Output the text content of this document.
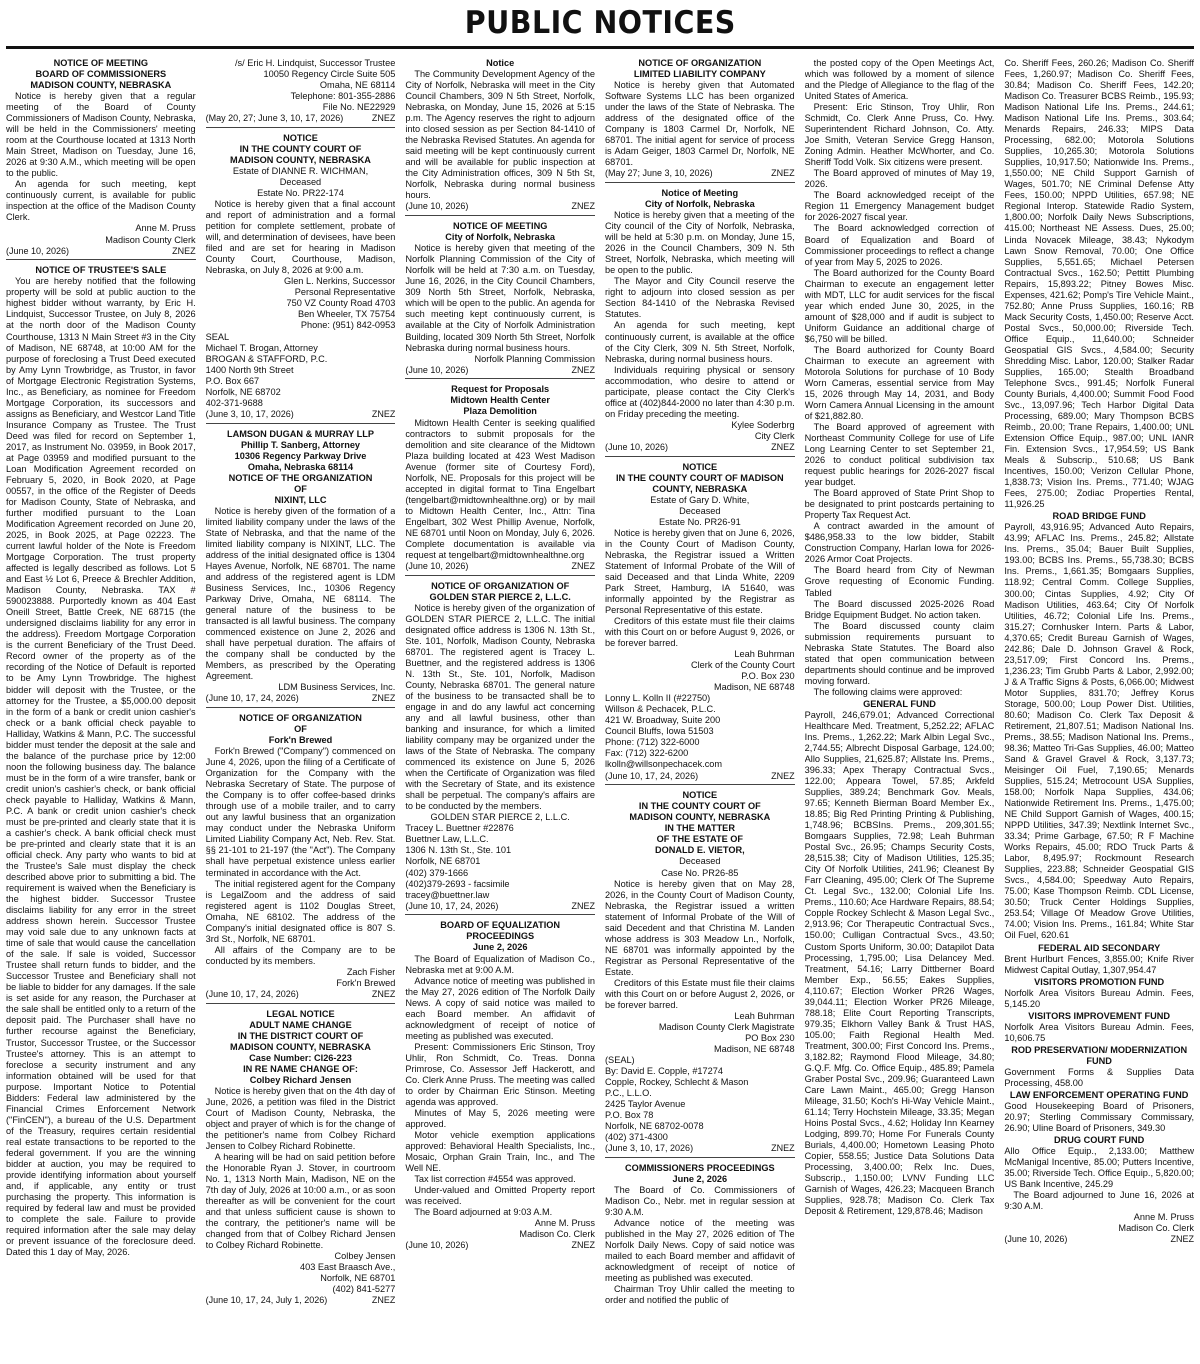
PUBLIC NOTICES
NOTICE OF MEETING
BOARD OF COMMISSIONERS
MADISON COUNTY, NEBRASKA

Notice is hereby given that a regular meeting of the Board of County Commissioners of Madison County, Nebraska, will be held in the Commissioners' meeting room at the Courthouse located at 1313 North Main Street, Madison on Tuesday, June 16, 2026 at 9:30 A.M., which meeting will be open to the public.

An agenda for such meeting, kept continuously current, is available for public inspection at the office of the Madison County Clerk.

Anne M. Pruss
Madison County Clerk
(June 10, 2026)	ZNEZ
NOTICE OF TRUSTEE'S SALE

You are hereby notified that the following property will be sold at public auction to the highest bidder without warranty, by Eric H. Lindquist, Successor Trustee, on July 8, 2026 at the north door of the Madison County Courthouse, 1313 N Main Street #3 in the City of Madison, NE 68748, at 10:00 AM for the purpose of foreclosing a Trust Deed executed by Amy Lynn Trowbridge, as Trustor, in favor of Mortgage Electronic Registration Systems, Inc., as Beneficiary, as nominee for Freedom Mortgage Corporation, its successors and assigns as Beneficiary, and Westcor Land Title Insurance Company as Trustee. The Trust Deed was filed for record on September 1, 2017, as Instrument No. 03959, in Book 2017, at Page 03959 and modified pursuant to the Loan Modification Agreement recorded on February 5, 2020, in Book 2020, at Page 00557, in the office of the Register of Deeds for Madison County, State of Nebraska, and further modified pursuant to the Loan Modification Agreement recorded on June 20, 2025, in Book 2025, at Page 02223. The current lawful holder of the Note is Freedom Mortgage Corporation. The trust property affected is legally described as follows. Lot 5 and East ½ Lot 6, Preece & Brechler Addition, Madison County, Nebraska. TAX # 590023888. Purportedly known as 404 East Oneill Street, Battle Creek, NE 68715 (the undersigned disclaims liability for any error in the address). Freedom Mortgage Corporation is the current Beneficiary of the Trust Deed. Record owner of the property as of the recording of the Notice of Default is reported to be Amy Lynn Trowbridge. The highest bidder will deposit with the Trustee, or the attorney for the Trustee, a $5,000.00 deposit in the form of a bank or credit union cashier's check or a bank official check payable to Halliday, Watkins & Mann, P.C. The successful bidder must tender the deposit at the sale and the balance of the purchase price by 12:00 noon the following business day. The balance must be in the form of a wire transfer, bank or credit union's cashier's check, or bank official check payable to Halliday, Watkins & Mann, P.C. A bank or credit union cashier's check must be pre-printed and clearly state that it is a cashier's check. A bank official check must be pre-printed and clearly state that it is an official check. Any party who wants to bid at the Trustee's Sale must display the check described above prior to submitting a bid. The requirement is waived when the Beneficiary is the highest bidder. Successor Trustee disclaims liability for any error in the street address shown herein. Successor Trustee may void sale due to any unknown facts at time of sale that would cause the cancellation of the sale. If sale is voided, Successor Trustee shall return funds to bidder, and the Successor Trustee and Beneficiary shall not be liable to bidder for any damages. If the sale is set aside for any reason, the Purchaser at the sale shall be entitled only to a return of the deposit paid. The Purchaser shall have no further recourse against the Beneficiary, Trustor, Successor Trustee, or the Successor Trustee's attorney. This is an attempt to foreclose a security instrument and any information obtained will be used for that purpose. Important Notice to Potential Bidders: Federal law administered by the Financial Crimes Enforcement Network ("FinCEN"), a bureau of the U.S. Department of the Treasury, requires certain residential real estate transactions to be reported to the federal government. If you are the winning bidder at auction, you may be required to provide identifying information about yourself and, if applicable, any entity or trust purchasing the property. This information is required by federal law and must be provided to complete the sale. Failure to provide required information after the sale may delay or prevent issuance of the foreclosure deed. Dated this 1 day of May, 2026.

/s/ Eric H. Lindquist, Successor Trustee
10050 Regency Circle Suite 505
Omaha, NE 68114
Telephone: 801-355-2886
File No. NE22929
(May 20, 27; June 3, 10, 17, 2026)	ZNEZ
NOTICE
IN THE COUNTY COURT OF
MADISON COUNTY, NEBRASKA
Estate of DIANNE R. WICHMAN,
Deceased
Estate No. PR22-174

Notice is hereby given that a final account and report of administration and a formal petition for complete settlement, probate of will, and determination of devisees, have been filed and are set for hearing in Madison County Court, Courthouse, Madison, Nebraska, on July 8, 2026 at 9:00 a.m.

Glen L. Nerkins, Successor
Personal Representative
750 VZ County Road 4703
Ben Wheeler, TX 75754
Phone: (951) 842-0953
SEAL
Michael T. Brogan, Attorney
BROGAN & STAFFORD, P.C.
1400 North 9th Street
P.O. Box 667
Norfolk, NE 68702
402-371-9688
(June 3, 10, 17, 2026)	ZNEZ
LAMSON DUGAN & MURRAY LLP
Phillip T. Sanberg, Attorney
10306 Regency Parkway Drive
Omaha, Nebraska 68114
NOTICE OF THE ORGANIZATION
OF
NIXINT, LLC

Notice is hereby given of the formation of a limited liability company under the laws of the State of Nebraska, and that the name of the limited liability company is NIXINT, LLC. The address of the initial designated office is 1304 Hayes Avenue, Norfolk, NE 68701. The name and address of the registered agent is LDM Business Services, Inc., 10306 Regency Parkway Drive, Omaha, NE 68114. The general nature of the business to be transacted is all lawful business. The company commenced existence on June 2, 2026 and shall have perpetual duration. The affairs of the company shall be conducted by the Members, as prescribed by the Operating Agreement.

LDM Business Services, Inc.
(June 10, 17, 24, 2026)	ZNEZ
NOTICE OF ORGANIZATION
OF
Fork'n Brewed

Fork'n Brewed ("Company") commenced on June 4, 2026, upon the filing of a Certificate of Organization for the Company with the Nebraska Secretary of State. The purpose of the Company is to offer coffee-based drinks through use of a mobile trailer, and to carry out any lawful business that an organization may conduct under the Nebraska Uniform Limited Liability Company Act, Neb. Rev. Stat. §§ 21-101 to 21-197 (the "Act"). The Company shall have perpetual existence unless earlier terminated in accordance with the Act.

The initial registered agent for the Company is LegalZoom and the address of said registered agent is 1102 Douglas Street, Omaha, NE 68102. The address of the Company's initial designated office is 807 S. 3rd St., Norfolk, NE 68701.

All affairs of the Company are to be conducted by its members.

Zach Fisher
Fork'n Brewed
(June 10, 17, 24, 2026)	ZNEZ
LEGAL NOTICE
ADULT NAME CHANGE
IN THE DISTRICT COURT OF
MADISON COUNTY, NEBRASKA
Case Number: CI26-223
IN RE NAME CHANGE OF:
Colbey Richard Jensen

Notice is hereby given that on the 4th day of June, 2026, a petition was filed in the District Court of Madison County, Nebraska, the object and prayer of which is for the change of the petitioner's name from Colbey Richard Jensen to Colbey Richard Robinette.

A hearing will be had on said petition before the Honorable Ryan J. Stover, in courtroom No. 1, 1313 North Main, Madison, NE on the 7th day of July, 2026 at 10:00 a.m., or as soon thereafter as will be convenient for the court and that unless sufficient cause is shown to the contrary, the petitioner's name will be changed from that of Colbey Richard Jensen to Colbey Richard Robinette.

Colbey Jensen
403 East Braasch Ave.,
Norfolk, NE 68701
(402) 841-5277
(June 10, 17, 24, July 1, 2026)	ZNEZ
Notice

The Community Development Agency of the City of Norfolk, Nebraska will meet in the City Council Chambers, 309 N 5th Street, Norfolk, Nebraska, on Monday, June 15, 2026 at 5:15 p.m. The Agency reserves the right to adjourn into closed session as per Section 84-1410 of the Nebraska Revised Statutes. An agenda for said meeting will be kept continuously current and will be available for public inspection at the City Administration offices, 309 N 5th St, Norfolk, Nebraska during normal business hours.

(June 10, 2026)	ZNEZ
NOTICE OF MEETING
City of Norfolk, Nebraska

Notice is hereby given that meeting of the Norfolk Planning Commission of the City of Norfolk will be held at 7:30 a.m. on Tuesday, June 16, 2026, in the City Council Chambers, 309 North 5th Street, Norfolk, Nebraska, which will be open to the public. An agenda for such meeting kept continuously current, is available at the City of Norfolk Administration Building, located 309 North 5th Street, Norfolk Nebraska during normal business hours.

Norfolk Planning Commission
(June 10, 2026)	ZNEZ
Request for Proposals
Midtown Health Center
Plaza Demolition

Midtown Health Center is seeking qualified contractors to submit proposals for the demolition and site clearance of the Midtown Plaza building located at 423 West Madison Avenue (former site of Courtesy Ford), Norfolk, NE. Proposals for this project will be accepted in digital format to Tina Engelbart (tengelbart@midtownhealthne.org) or by mail to Midtown Health Center, Inc., Attn: Tina Engelbart, 302 West Phillip Avenue, Norfolk, NE 68701 until Noon on Monday, July 6, 2026. Complete documentation is available via request at tengelbart@midtownhealthne.org

(June 10, 2026)	ZNEZ
NOTICE OF ORGANIZATION OF
GOLDEN STAR PIERCE 2, L.L.C.

Notice is hereby given of the organization of GOLDEN STAR PIERCE 2, L.L.C. The initial designated office address is 1306 N. 13th St., Ste. 101, Norfolk, Madison County, Nebraska 68701. The registered agent is Tracey L. Buettner, and the registered address is 1306 N. 13th St., Ste. 101, Norfolk, Madison County, Nebraska 68701. The general nature of the business to be transacted shall be to engage in and do any lawful act concerning any and all lawful business, other than banking and insurance, for which a limited liability company may be organized under the laws of the State of Nebraska. The company commenced its existence on June 5, 2026 when the Certificate of Organization was filed with the Secretary of State, and its existence shall be perpetual. The company's affairs are to be conducted by the members.

GOLDEN STAR PIERCE 2, L.L.C.
Tracey L. Buettner #22876
Buettner Law, L.L.C.
1306 N. 13th St., Ste. 101
Norfolk, NE 68701
(402) 379-1666
(402)379-2693 - facsimile
tracey@buettner.law
(June 10, 17, 24, 2026)	ZNEZ
BOARD OF EQUALIZATION
PROCEEDINGS
June 2, 2026

The Board of Equalization of Madison Co., Nebraska met at 9:00 A.M.

Advance notice of meeting was published in the May 27, 2026 edition of The Norfolk Daily News. A copy of said notice was mailed to each Board member. An affidavit of acknowledgment of receipt of notice of meeting as published was executed.

Present: Commissioners Eric Stinson, Troy Uhlir, Ron Schmidt, Co. Treas. Donna Primrose, Co. Assessor Jeff Hackerott, and Co. Clerk Anne Pruss. The meeting was called to order by Chairman Eric Stinson. Meeting agenda was approved.

Minutes of May 5, 2026 meeting were approved.

Motor vehicle exemption applications approved: Behavioral Health Specialists, Inc., Mosaic, Orphan Grain Train, Inc., and The Well NE.

Tax list correction #4554 was approved.

Under-valued and Omitted Property report was received.

The Board adjourned at 9:03 A.M.

Anne M. Pruss
Madison Co. Clerk
(June 10, 2026)	ZNEZ
NOTICE OF ORGANIZATION
LIMITED LIABILITY COMPANY

Notice is hereby given that Automated Software Systems LLC has been organized under the laws of the State of Nebraska. The address of the designated office of the Company is 1803 Carmel Dr, Norfolk, NE 68701. The initial agent for service of process is Adam Geiger, 1803 Carmel Dr, Norfolk, NE 68701.

(May 27; June 3, 10, 2026)	ZNEZ
Notice of Meeting
City of Norfolk, Nebraska

Notice is hereby given that a meeting of the City council of the City of Norfolk, Nebraska, will be held at 5:30 p.m. on Monday, June 15, 2026 in the Council Chambers, 309 N. 5th Street, Norfolk, Nebraska, which meeting will be open to the public.

The Mayor and City Council reserve the right to adjourn into closed session as per Section 84-1410 of the Nebraska Revised Statutes.

An agenda for such meeting, kept continuously current, is available at the office of the City Clerk, 309 N. 5th Street, Norfolk, Nebraska, during normal business hours.

Individuals requiring physical or sensory accommodation, who desire to attend or participate, please contact the City Clerk's office at (402)844-2000 no later than 4:30 p.m. on Friday preceding the meeting.

Kylee Soderbrg
City Clerk
(June 10, 2026)	ZNEZ
NOTICE
IN THE COUNTY COURT OF MADISON
COUNTY, NEBRASKA
Estate of Gary D. White,
Deceased
Estate No. PR26-91

Notice is hereby given that on June 6, 2026, in the County Court of Madison County, Nebraska, the Registrar issued a Written Statement of Informal Probate of the Will of said Deceased and that Linda White, 2209 Park Street, Hamburg, IA 51640, was informally appointed by the Registrar as Personal Representative of this estate.

Creditors of this estate must file their claims with this Court on or before August 9, 2026, or be forever barred.

Leah Buhrman
Clerk of the County Court
P.O. Box 230
Madison, NE 68748
Lonny L. Kolln II (#22750)
Willson & Pechacek, P.L.C.
421 W. Broadway, Suite 200
Council Bluffs, Iowa 51503
Phone: (712) 322-6000
Fax: (712) 322-6200
lkolln@willsonpechacek.com
(June 10, 17, 24, 2026)	ZNEZ
NOTICE
IN THE COUNTY COURT OF
MADISON COUNTY, NEBRASKA
IN THE MATTER
OF THE ESTATE OF
DONALD E. VIETOR,
Deceased
Case No. PR26-85

Notice is hereby given that on May 28, 2026, in the County Court of Madison County, Nebraska, the Registrar issued a written statement of Informal Probate of the Will of said Decedent and that Christina M. Landen whose address is 303 Meadow Ln., Norfolk, NE 68701 was informally appointed by the Registrar as Personal Representative of the Estate.

Creditors of this Estate must file their claims with this Court on or before August 2, 2026, or be forever barred.

Leah Buhrman
Madison County Clerk Magistrate
PO Box 230
Madison, NE 68748
(SEAL)
By: David E. Copple, #17274
Copple, Rockey, Schlecht & Mason
P.C., L.L.O.
2425 Taylor Avenue
P.O. Box 78
Norfolk, NE 68702-0078
(402) 371-4300
(June 3, 10, 17, 2026)	ZNEZ
COMMISSIONERS PROCEEDINGS
June 2, 2026

The Board of Co. Commissioners of Madison Co., Nebr. met in regular session at 9:30 A.M.

Advance notice of the meeting was published in the May 27, 2026 edition of The Norfolk Daily News. Copy of said notice was mailed to each Board member and affidavit of acknowledgment of receipt of notice of meeting as published was executed.

Chairman Troy Uhlir called the meeting to order and notified the public of

the posted copy of the Open Meetings Act, which was followed by a moment of silence and the Pledge of Allegiance to the flag of the United States of America.

Present: Eric Stinson, Troy Uhlir, Ron Schmidt, Co. Clerk Anne Pruss, Co. Hwy. Superintendent Richard Johnson, Co. Atty. Joe Smith, Veteran Service Gregg Hanson, Zoning Admin. Heather McWhorter, and Co. Sheriff Todd Volk. Six citizens were present.

The Board approved of minutes of May 19, 2026.

The Board acknowledged receipt of the Region 11 Emergency Management budget for 2026-2027 fiscal year.

The Board acknowledged correction of Board of Equalization and Board of Commissioner proceedings to reflect a change of year from May 5, 2025 to 2026.

The Board authorized for the County Board Chairman to execute an engagement letter with MDT, LLC for audit services for the fiscal year which ended June 30, 2025, in the amount of $28,000 and if audit is subject to Uniform Guidance an additional charge of $6,750 will be billed.

The Board authorized for County Board Chairman to execute an agreement with Motorola Solutions for purchase of 10 Body Worn Cameras, essential service from May 15, 2026 through May 14, 2031, and Body Worn Camera Annual Licensing in the amount of $21,882.80.

The Board approved of agreement with Northeast Community College for use of Life Long Learning Center to set September 21, 2026 to conduct political subdivision tax request public hearings for 2026-2027 fiscal year budget.

The Board approved of State Print Shop to be designated to print postcards pertaining to Property Tax Request Act.

A contract awarded in the amount of $486,958.33 to the low bidder, Stabilt Construction Company, Harlan Iowa for 2026-2026 Armor Coat Projects.

The Board heard from City of Newman Grove requesting of Economic Funding. Tabled

The Board discussed 2025-2026 Road Bridge Equipment Budget. No action taken.

The Board discussed county claim submission requirements pursuant to Nebraska State Statutes. The Board also stated that open communication between departments should continue and be improved moving forward.

The following claims were approved:

GENERAL FUND

Payroll, 246,679.01; Advanced Correctional Healthcare Med. Treatment, 5,252.22; AFLAC Ins. Prems., 1,262.22; Mark Albin Legal Svc., 2,744.55; Albrecht Disposal Garbage, 124.00; Allo Supplies, 21,625.87; Allstate Ins. Prems., 396.33; Apex Therapy Contractual Svcs., 122.00; Appeara Towel, 57.85; Arkfeld Supplies, 389.24; Benchmark Gov. Meals, 97.65; Kenneth Bierman Board Member Ex., 18.85; Big Red Printing Printing & Publishing, 1,748.96; BCBSIns. Prems., 209,301.55; Bomgaars Supplies, 72.98; Leah Buhrman Postal Svc., 26.95; Champs Security Costs, 28,515.38; City of Madison Utilities, 125.35; City Of Norfolk Utilities, 241.96; Cleanest By Farr Cleaning, 495.00; Clerk Of The Supreme Ct. Legal Svc., 132.00; Colonial Life Ins. Prems., 110.60; Ace Hardware Repairs, 88.54; Copple Rockey Schlecht & Mason Legal Svc., 2,913.96; Cor Therapeutic Contractual Svcs., 150.00; Culligan Contractual Svcs., 43.50; Custom Sports Uniform, 30.00; Datapilot Data Processing, 1,795.00; Lisa Delancey Med. Treatment, 54.16; Larry Dittberner Board Member Exp., 56.55; Eakes Supplies, 4,110.67; Election Worker PR26 Wages, 39,044.11; Election Worker PR26 Mileage, 788.18; Elite Court Reporting Transcripts, 979.35; Elkhorn Valley Bank & Trust HAS, 105.00; Faith Regional Health Med. Treatment, 300.00; First Concord Ins. Prems., 3,182.82; Raymond Flood Mileage, 34.80; G.Q.F. Mfg. Co. Office Equip., 485.89; Pamela Graber Postal Svc., 209.96; Guaranteed Lawn Care Lawn Maint., 465.00; Gregg Hanson Mileage, 31.50; Koch's Hi-Way Vehicle Maint., 61.14; Terry Hochstein Mileage, 33.35; Megan Hoins Postal Svcs., 4.62; Holiday Inn Kearney Lodging, 899.70; Home For Funerals County Burials, 4,400.00; Hometown Leasing Photo Copier, 558.55; Justice Data Solutions Data Processing, 3,400.00; Relx Inc. Dues, Subscrip., 1,150.00; LVNV Funding LLC Garnish of Wages, 426.23; Macqueen Branch Supplies, 928.78; Madison Co. Clerk Tax Deposit & Retirement, 129,878.46; Madison

Co. Sheriff Fees, 260.26; Madison Co. Sheriff Fees, 1,260.97; Madison Co. Sheriff Fees, 30.84; Madison Co. Sheriff Fees, 142.20; Madison Co. Treasurer BCBS Reimb., 195.93; Madison National Life Ins. Prems., 244.61; Madison National Life Ins. Prems., 303.64; Menards Repairs, 246.33; MIPS Data Processing, 682.00; Motorola Solutions Supplies, 10,265.30; Motorola Solutions Supplies, 10,917.50; Nationwide Ins. Prems., 1,550.00; NE Child Support Garnish of Wages, 501.70; NE Criminal Defense Atty Fees, 150.00; NPPD Utilities, 657.98; NE Regional Interop. Statewide Radio System, 1,800.00; Norfolk Daily News Subscriptions, 415.00; Northeast NE Assess. Dues, 25.00; Linda Novacek Mileage, 38.43; Nykodym Lawn Snow Removal, 70.00; One Office Supplies, 5,551.65; Michael Petersen Contractual Svcs., 162.50; Pettitt Plumbing Repairs, 15,893.22; Pitney Bowes Misc. Expenses, 421.62; Pomp's Tire Vehicle Maint., 752.80; Anne Pruss Supplies, 160.16; RB Mack Security Costs, 1,450.00; Reserve Acct. Postal Svcs., 50,000.00; Riverside Tech. Office Equip., 11,640.00; Schneider Geospatial GIS Svcs., 4,584.00; Security Shredding Misc. Labor, 120.00; Stalker Radar Supplies, 165.00; Stealth Broadband Telephone Svcs., 991.45; Norfolk Funeral County Burials, 4,400.00; Summit Food Food Svc., 13,097.96; Tech Harbor Digital Data Processing, 689.00; Mary Thompson BCBS Reimb., 20.00; Trane Repairs, 1,400.00; UNL Extension Office Equip., 987.00; UNL IANR Fin. Extension Svcs., 17,954.59; US Bank Meals & Subscrip., 510.68; US Bank Incentives, 150.00; Verizon Cellular Phone, 1,838.73; Vision Ins. Prems., 771.40; WJAG Fees, 275.00; Zodiac Properties Rental, 11,926.25

ROAD BRIDGE FUND

Payroll, 43,916.95; Advanced Auto Repairs, 43.99; AFLAC Ins. Prems., 245.82; Allstate Ins. Prems., 35.04; Bauer Built Supplies, 193.00; BCBS Ins. Prems., 55,738.30; BCBS Ins. Prems., 1,661.35; Bomgaars Supplies, 118.92; Central Comm. College Supplies, 300.00; Cintas Supplies, 4.92; City Of Madison Utilities, 463.64; City Of Norfolk Utilities, 46.72; Colonial Life Ins. Prems., 315.27; Cornhusker Intern. Parts & Labor, 4,370.65; Credit Bureau Garnish of Wages, 242.86; Dale D. Johnson Gravel & Rock, 23,517.09; First Concord Ins. Prems., 1,236.23; Tim Grubb Parts & Labor, 2,992.00; J & A Traffic Signs & Posts, 6,066.00; Midwest Motor Supplies, 831.70; Jeffrey Korus Storage, 500.00; Loup Power Dist. Utilities, 80.60; Madison Co. Clerk Tax Deposit & Retirement, 21,807.51; Madison National Ins. Prems., 38.55; Madison National Ins. Prems., 98.36; Matteo Tri-Gas Supplies, 46.00; Matteo Sand & Gravel Gravel & Rock, 3,137.73; Meisinger Oil Fuel, 7,190.65; Menards Supplies, 515.24; Metrocount USA Supplies, 158.00; Norfolk Napa Supplies, 434.06; Nationwide Retirement Ins. Prems., 1,475.00; NE Child Support Garnish of Wages, 400.15; NPPD Utilities, 347.39; Nextlink Internet Svc., 33.34; Prime Garbage, 67.50; R F Machine Works Repairs, 45.00; RDO Truck Parts & Labor, 8,495.97; Rockmount Research Supplies, 223.88; Schneider Geospatial GIS Svcs., 4,584.00; Speedway Auto Repairs, 75.00; Kase Thompson Reimb. CDL License, 30.50; Truck Center Holdings Supplies, 253.54; Village Of Meadow Grove Utilities, 74.00; Vision Ins. Prems., 161.84; White Star Oil Fuel, 620.61

FEDERAL AID SECONDARY

Brent Hurlburt Fences, 3,855.00; Knife River Midwest Capital Outlay, 1,307,954.47

VISITORS PROMOTION FUND

Norfolk Area Visitors Bureau Admin. Fees, 5,145.20

VISITORS IMPROVEMENT FUND

Norfolk Area Visitors Bureau Admin. Fees, 10,606.75

ROD PRESERVATION/ MODERNIZATION FUND

Government Forms & Supplies Data Processing, 458.00

LAW ENFORCEMENT OPERATING FUND

Good Housekeeping Board of Prisoners, 20.97; Sterling Commissary Commissary, 26.90; Uline Board of Prisoners, 349.30

DRUG COURT FUND

Allo Office Equip., 2,133.00; Matthew McManigal Incentive, 85.00; Putters Incentive, 35.00; Riverside Tech. Office Equip., 5,820.00; US Bank Incentive, 245.29

The Board adjourned to June 16, 2026 at 9:30 A.M.

Anne M. Pruss
Madison Co. Clerk
(June 10, 2026)	ZNEZ
